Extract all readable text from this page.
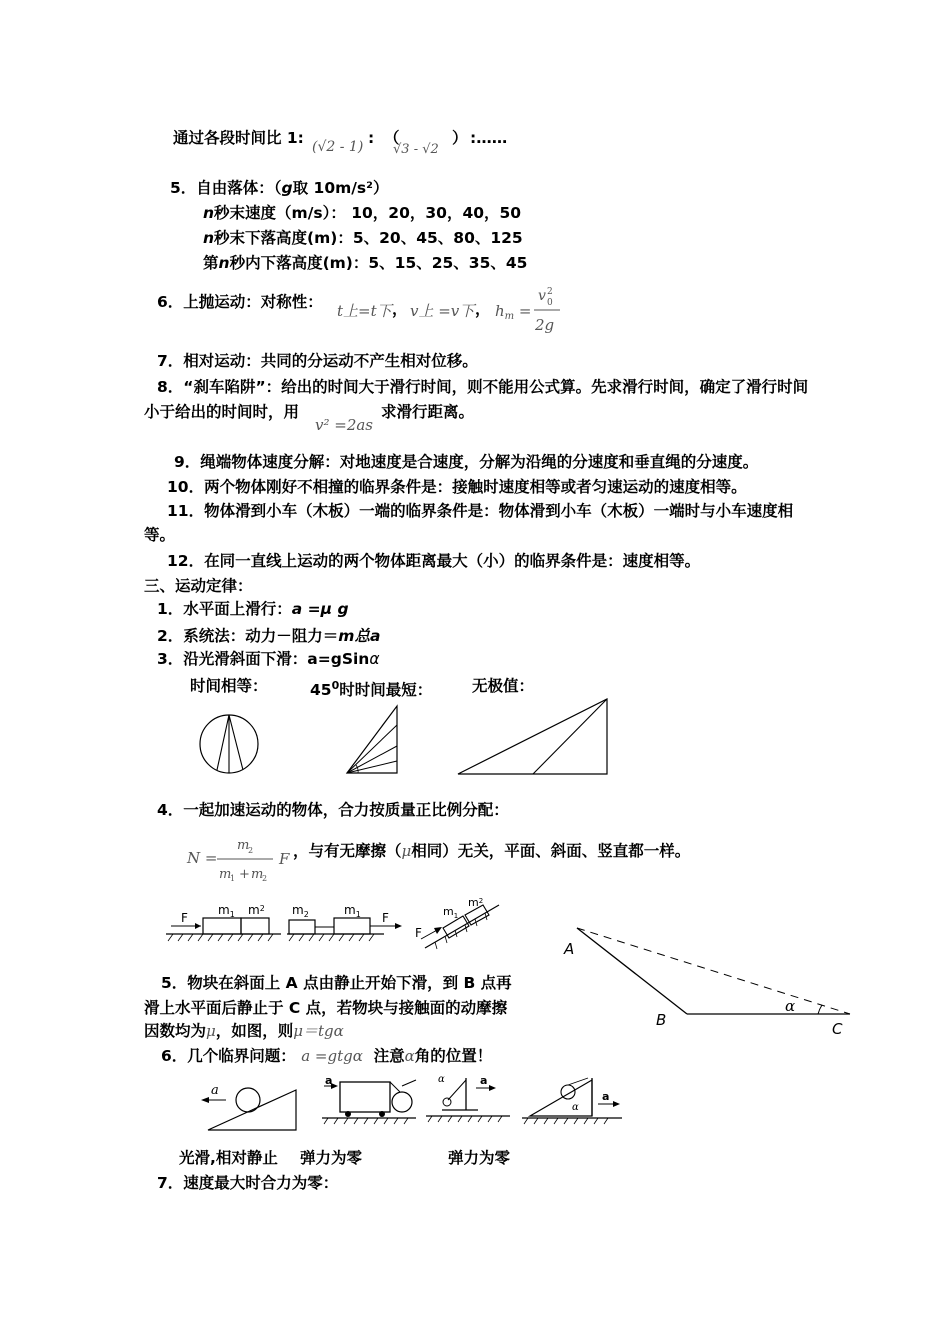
通过各段时间比 1: (√2 - 1) : （
√3 - √2
） :……
5．自由落体：（g取 10m/s²）
n秒末速度（m/s）： 10，20，30，40，50
n秒末下落高度(m)：5、20、45、80、125
第n秒内下落高度(m)：5、15、25、35、45
6．上抛运动：对称性： t上=t下 ， v上 =v下 ， $h_m$ =
v 2
0
2g
7．相对运动：共同的分运动不产生相对位移。
8．“刹车陷阱”：给出的时间大于滑行时间，则不能用公式算。先求滑行时间，确定了滑行时间
小于给出的时间时，用
v² =2as
求滑行距离。
9．绳端物体速度分解：对地速度是合速度，分解为沿绳的分速度和垂直绳的分速度。
10．两个物体刚好不相撞的临界条件是：接触时速度相等或者匀速运动的速度相等。
11．物体滑到小车（木板）一端的临界条件是：物体滑到小车（木板）一端时与小车速度相
等。
12．在同一直线上运动的两个物体距离最大（小）的临界条件是：速度相等。
三、运动定律：
1．水平面上滑行：a =μ g
2．系统法：动力－阻力＝m总a
3．沿光滑斜面下滑：a=gSinα
时间相等：	$45^0$时时间最短：	无极值：
4．一起加速运动的物体，合力按质量正比例分配：
N =
m
2
m
1 + m
2
F ，与有无摩擦（μ相同）无关，平面、斜面、竖直都一样。
F
$m_1$ $m^2$
F
$m_2$	$m_1$
F
$m_1$
$m^2$
A
B	C
α
5．物块在斜面上 A 点由静止开始下滑，到 B 点再
滑上水平面后静止于 C 点，若物块与接触面的动摩擦
因数均为μ，如图，则μ＝tgα
6．几个临界问题： a =gtgα 注意α角的位置！
a
a	a
α
a
α
光滑,相对静止 弹力为零	弹力为零
7．速度最大时合力为零：
